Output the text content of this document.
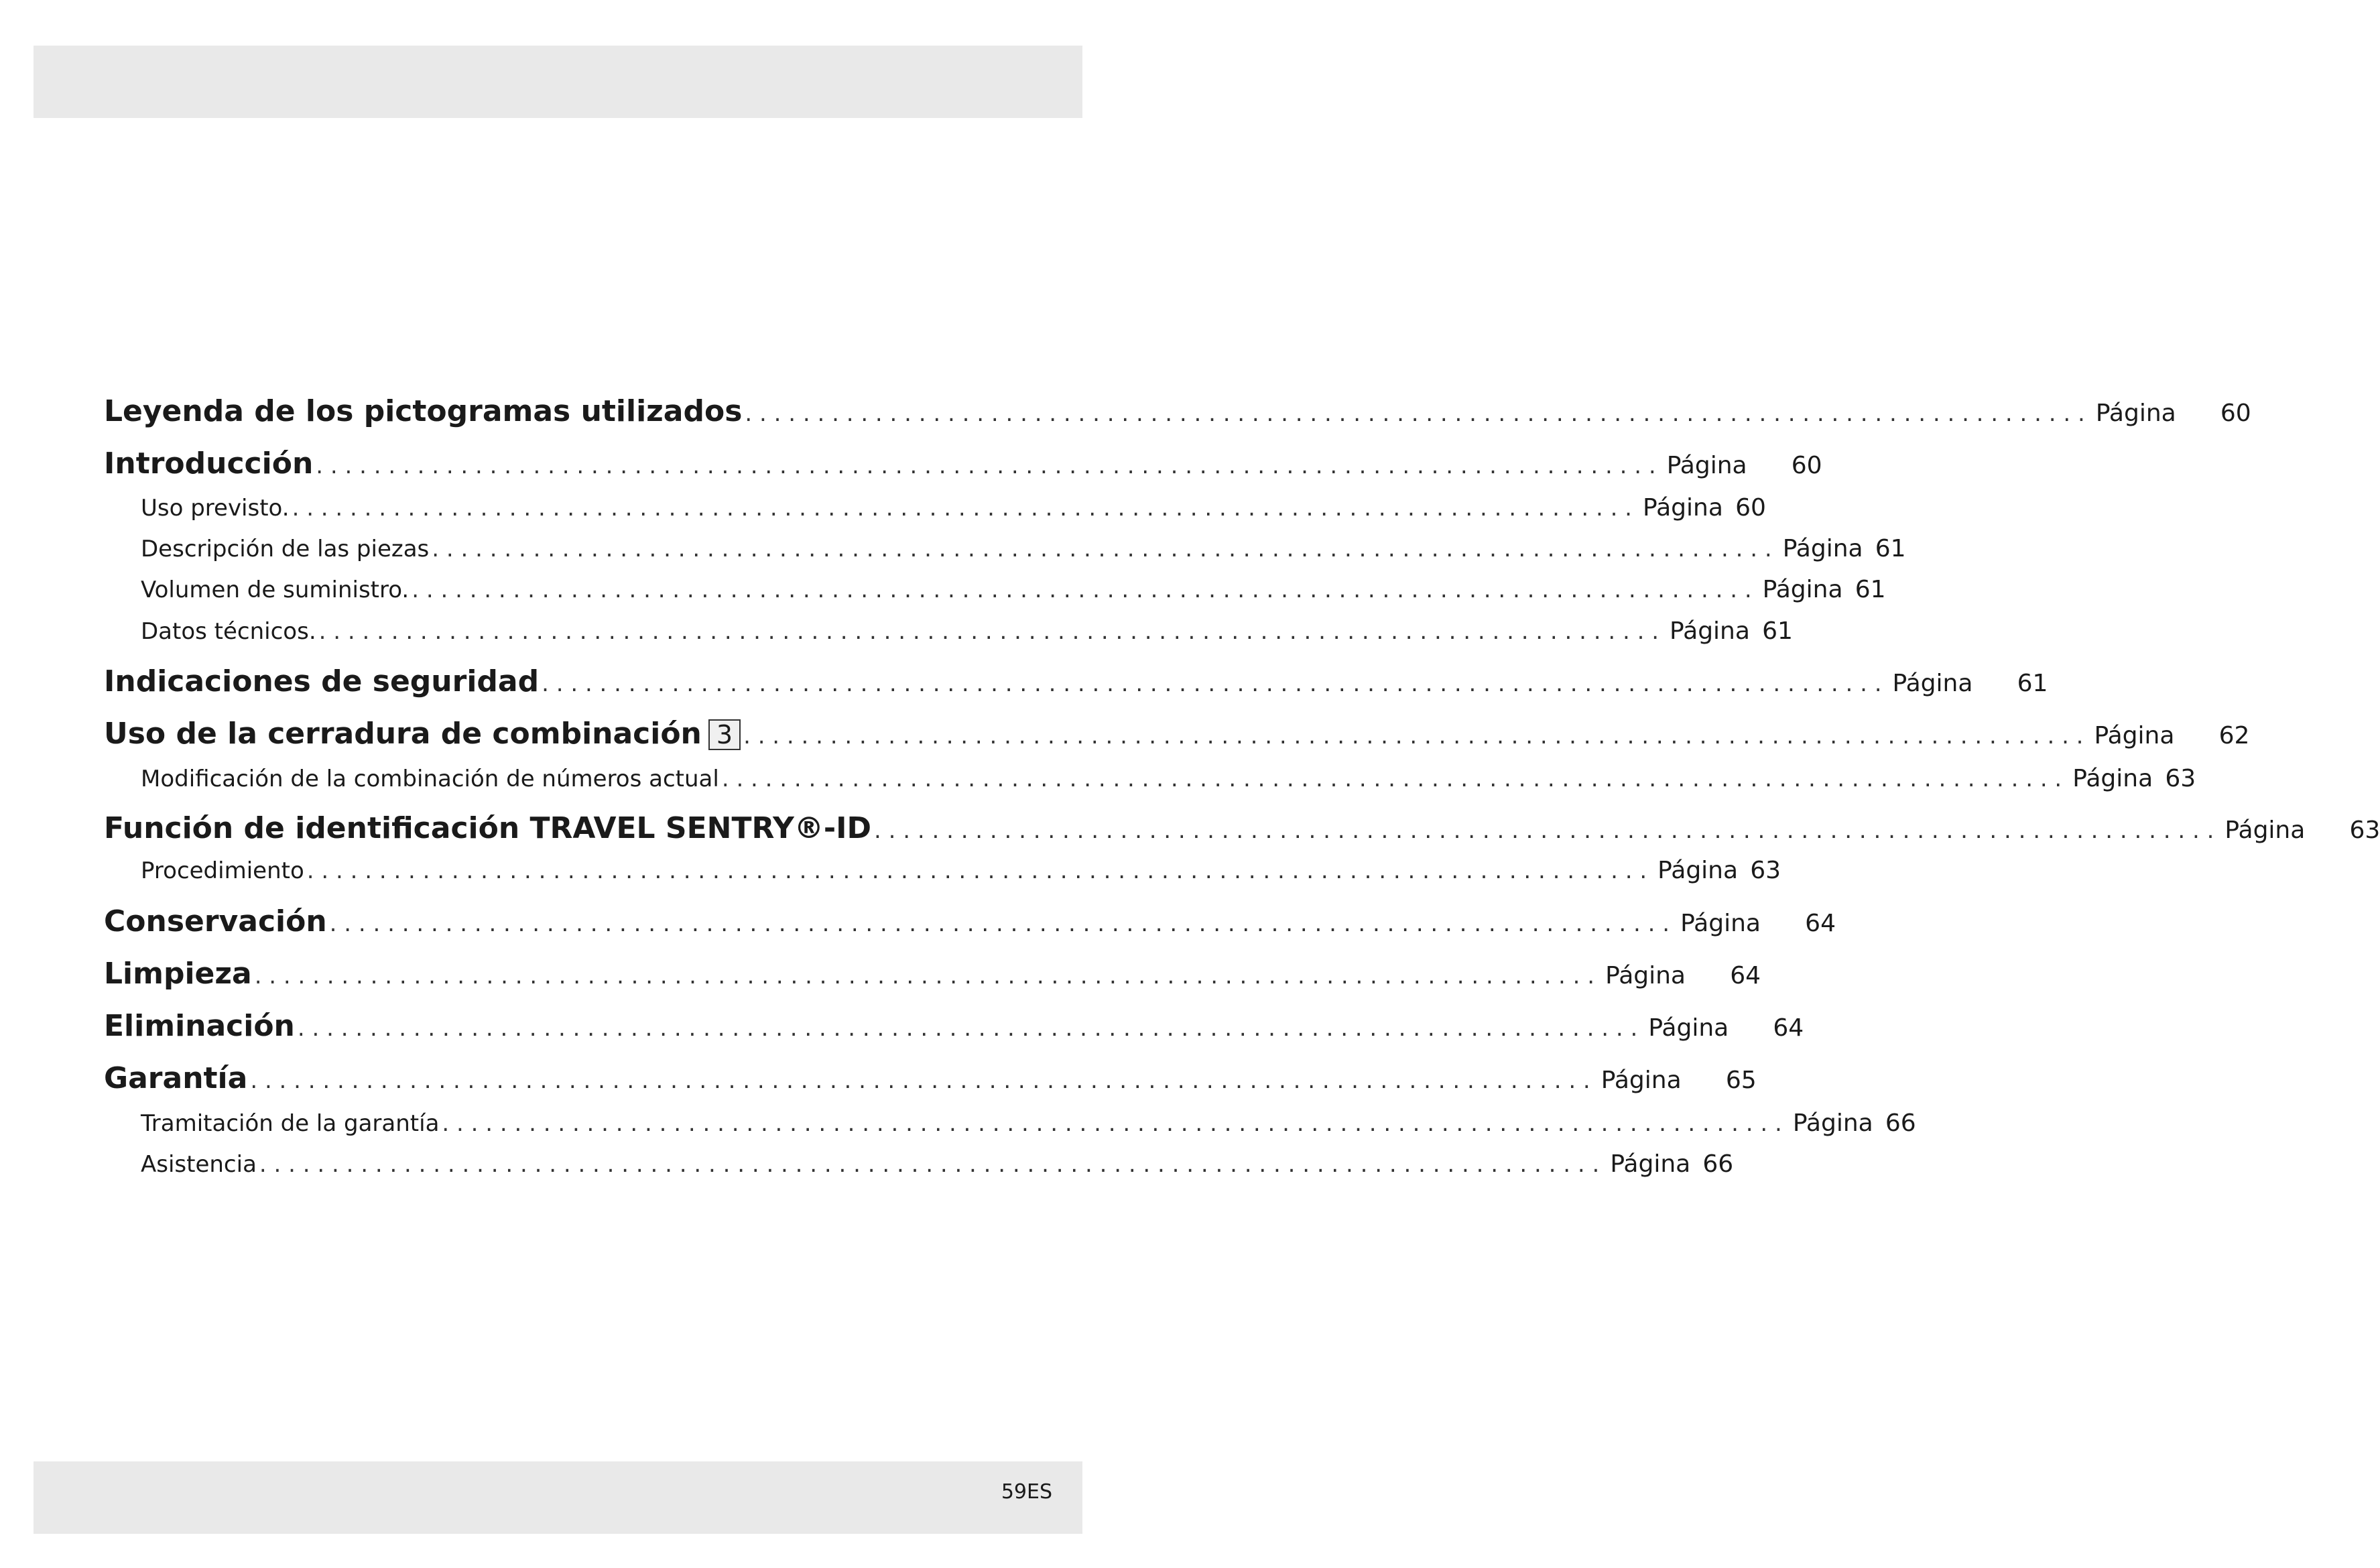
Leyenda de los pictogramas utilizados . . .	Página	60
Introducción . . .	Página	60
Uso previsto. . . .	Página 60
Descripción de las piezas . . .	Página 61
Volumen de suministro. . . .	Página 61
Datos técnicos. . . .	Página 61
Indicaciones de seguridad . . .	Página	61
Uso de la cerradura de combinación 3 . . .	Página	62
Modificación de la combinación de números actual . . .	Página 63
Función de identificación TRAVEL SENTRY®-ID . . .	Página	63
Procedimiento . . .	Página 63
Conservación . . .	Página	64
Limpieza . . .	Página	64
Eliminación . . .	Página	64
Garantía . . .	Página	65
Tramitación de la garantía . . .	Página 66
Asistencia . . .	Página 66
59ES
